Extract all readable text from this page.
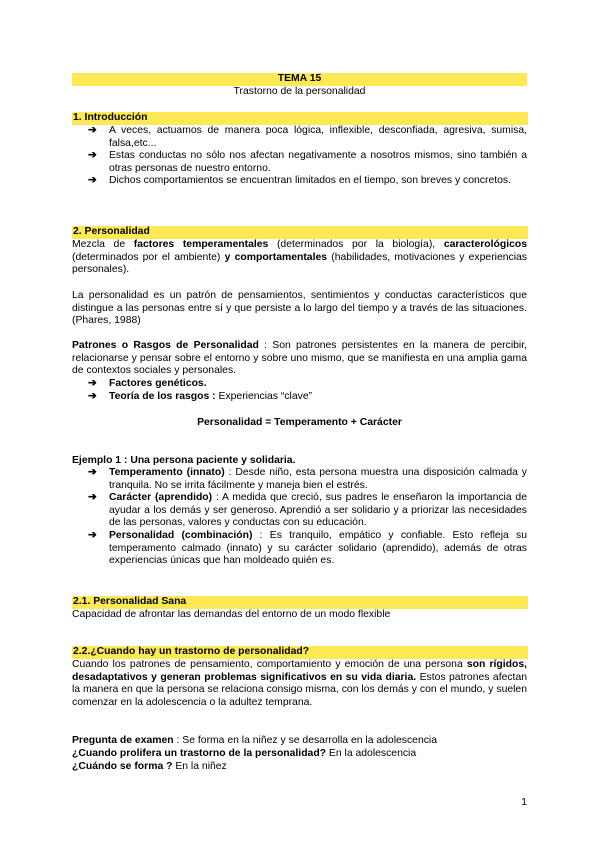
TEMA 15
Trastorno de la personalidad
1. Introducción
➔ A veces, actuamos de manera poca lógica, inflexible, desconfiada, agresiva, sumisa, falsa,etc...
➔ Estas conductas no sólo nos afectan negativamente a nosotros mismos, sino también a otras personas de nuestro entorno.
➔ Dichos comportamientos se encuentran limitados en el tiempo, son breves y concretos.
2. Personalidad
Mezcla de factores temperamentales (determinados por la biología), caracterológicos (determinados por el ambiente) y comportamentales (habilidades, motivaciones y experiencias personales).
La personalidad es un patrón de pensamientos, sentimientos y conductas característicos que distingue a las personas entre sí y que persiste a lo largo del tiempo y a través de las situaciones. (Phares, 1988)
Patrones o Rasgos de Personalidad : Son patrones persistentes en la manera de percibir, relacionarse y pensar sobre el entorno y sobre uno mismo, que se manifiesta en una amplia gama de contextos sociales y personales.
➔ Factores genéticos.
➔ Teoría de los rasgos : Experiencias “clave”
Personalidad = Temperamento + Carácter
Ejemplo 1 : Una persona paciente y solidaria.
➔ Temperamento (innato) : Desde niño, esta persona muestra una disposición calmada y tranquila. No se irrita fácilmente y maneja bien el estrés.
➔ Carácter (aprendido) : A medida que creció, sus padres le enseñaron la importancia de ayudar a los demás y ser generoso. Aprendió a ser solidario y a priorizar las necesidades de las personas, valores y conductas con su educación.
➔ Personalidad (combinación) : Es tranquilo, empático y confiable. Esto refleja su temperamento calmado (innato) y su carácter solidario (aprendido), además de otras experiencias únicas que han moldeado quién es.
2.1. Personalidad Sana
Capacidad de afrontar las demandas del entorno de un modo flexible
2.2.¿Cuando hay un trastorno de personalidad?
Cuando los patrones de pensamiento, comportamiento y emoción de una persona son rígidos, desadaptativos y generan problemas significativos en su vida diaria. Estos patrones afectan la manera en que la persona se relaciona consigo misma, con los demás y con el mundo, y suelen comenzar en la adolescencia o la adultez temprana.
Pregunta de examen : Se forma en la niñez y se desarrolla en la adolescencia
¿Cuando prolifera un trastorno de la personalidad? En la adolescencia
¿Cuándo se forma ? En la niñez
1
